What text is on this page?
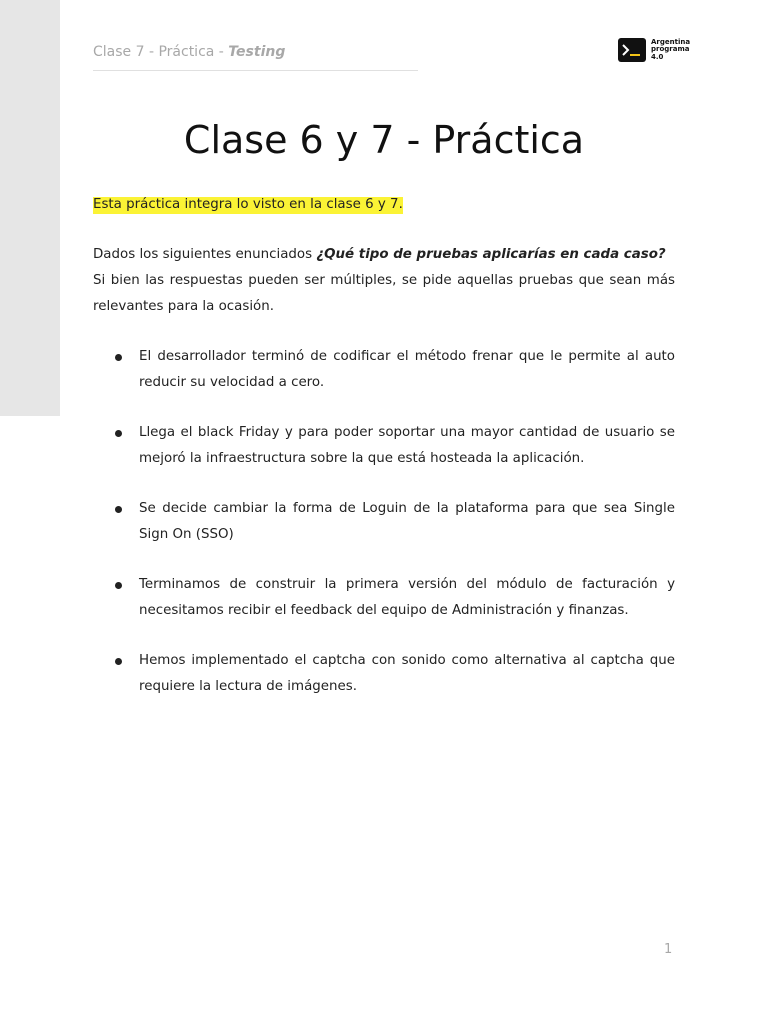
Clase 7 - Práctica - Testing
Argentina
programa
4.0
Clase 6 y 7 - Práctica

Esta práctica integra lo visto en la clase 6 y 7.

Dados los siguientes enunciados ¿Qué tipo de pruebas aplicarías en cada caso?
Si bien las respuestas pueden ser múltiples, se pide aquellas pruebas que sean más relevantes para la ocasión.
El desarrollador terminó de codificar el método frenar que le permite al auto reducir su velocidad a cero.
Llega el black Friday y para poder soportar una mayor cantidad de usuario se mejoró la infraestructura sobre la que está hosteada la aplicación.
Se decide cambiar la forma de Loguin de la plataforma para que sea Single Sign On (SSO)
Terminamos de construir la primera versión del módulo de facturación y necesitamos recibir el feedback del equipo de Administración y finanzas.
Hemos implementado el captcha con sonido como alternativa al captcha que requiere la lectura de imágenes.
1
